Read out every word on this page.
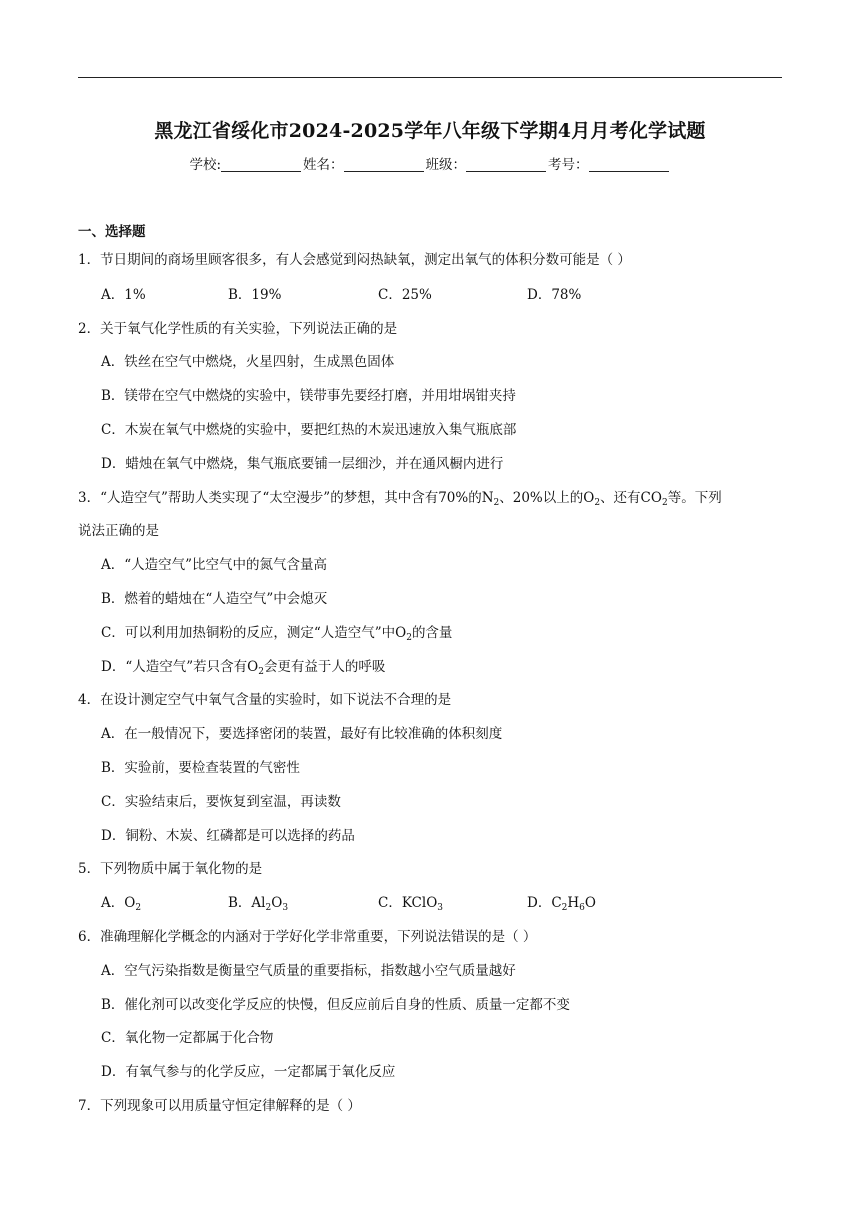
黑龙江省绥化市2024-2025学年八年级下学期4月月考化学试题
学校:	姓名：	班级：	考号：
一、选择题
1．节日期间的商场里顾客很多，有人会感觉到闷热缺氧，测定出氧气的体积分数可能是（ ）
A．1%	B．19%	C．25%	D．78%
2．关于氧气化学性质的有关实验，下列说法正确的是
A．铁丝在空气中燃烧，火星四射，生成黑色固体
B．镁带在空气中燃烧的实验中，镁带事先要经打磨，并用坩埚钳夹持
C．木炭在氧气中燃烧的实验中，要把红热的木炭迅速放入集气瓶底部
D．蜡烛在氧气中燃烧，集气瓶底要铺一层细沙，并在通风橱内进行
3．“人造空气”帮助人类实现了“太空漫步”的梦想，其中含有70%的$N_2$、20%以上的$O_2$、还有$CO_2$等。下列
说法正确的是
A．“人造空气”比空气中的氮气含量高
B．燃着的蜡烛在“人造空气”中会熄灭
C．可以利用加热铜粉的反应，测定“人造空气”中$O_2$的含量
D．“人造空气”若只含有$O_2$会更有益于人的呼吸
4．在设计测定空气中氧气含量的实验时，如下说法不合理的是
A．在一般情况下，要选择密闭的装置，最好有比较准确的体积刻度
B．实验前，要检查装置的气密性
C．实验结束后，要恢复到室温，再读数
D．铜粉、木炭、红磷都是可以选择的药品
5．下列物质中属于氧化物的是
A．$O_2$	B．$Al_2O_3$	C．KClO$_3$	D．$C_2H_6O$
6．准确理解化学概念的内涵对于学好化学非常重要，下列说法错误的是（ ）
A．空气污染指数是衡量空气质量的重要指标，指数越小空气质量越好
B．催化剂可以改变化学反应的快慢，但反应前后自身的性质、质量一定都不变
C．氧化物一定都属于化合物
D．有氧气参与的化学反应，一定都属于氧化反应
7．下列现象可以用质量守恒定律解释的是（ ）
